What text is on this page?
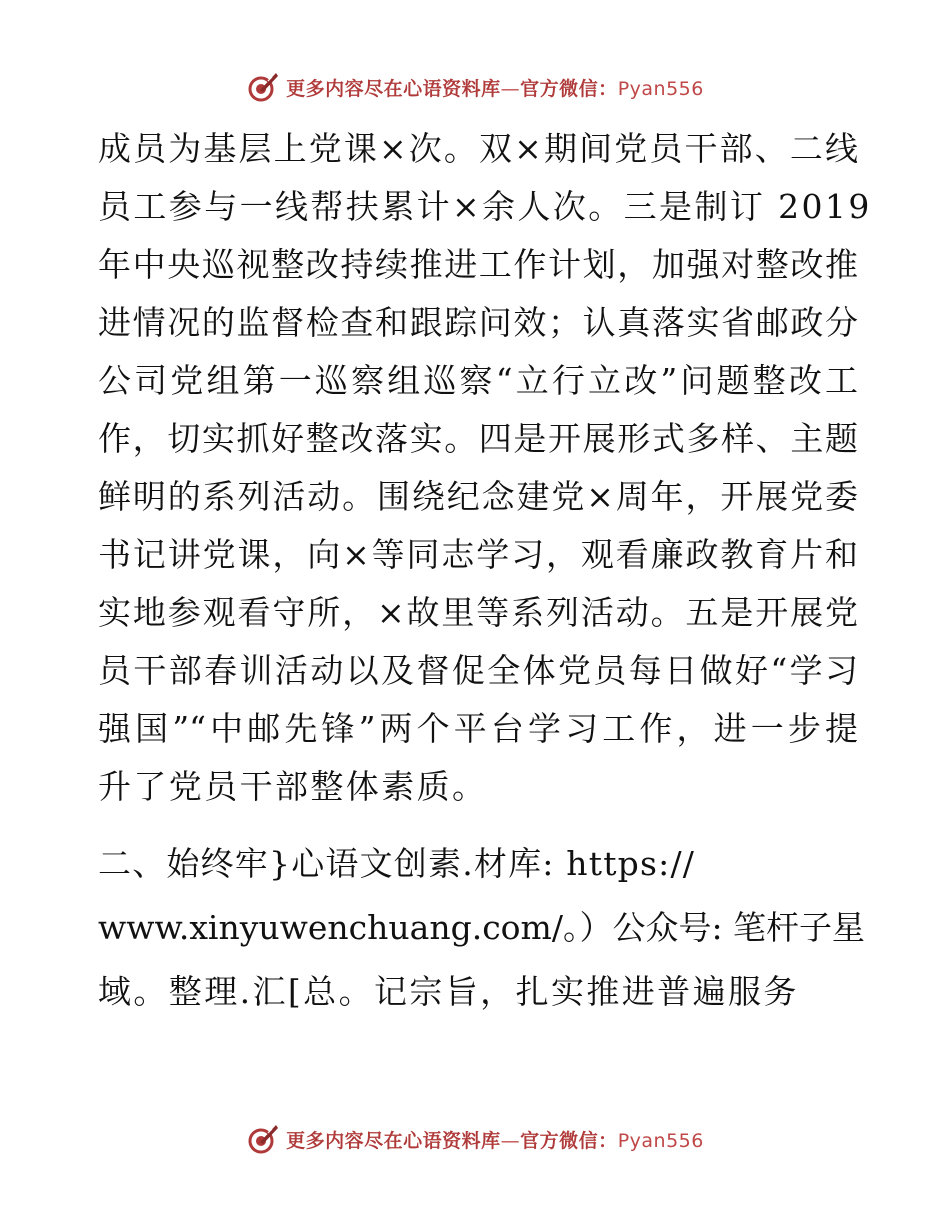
更多内容尽在心语资料库—官方微信：Pyan556
成员为基层上党课×次。双×期间党员干部、二线
员工参与一线帮扶累计×余人次。三是制订 2019
年中央巡视整改持续推进工作计划，加强对整改推
进情况的监督检查和跟踪问效；认真落实省邮政分
公司党组第一巡察组巡察“立行立改”问题整改工
作，切实抓好整改落实。四是开展形式多样、主题
鲜明的系列活动。围绕纪念建党×周年，开展党委
书记讲党课，向×等同志学习，观看廉政教育片和
实地参观看守所，×故里等系列活动。五是开展党
员干部春训活动以及督促全体党员每日做好“学习
强国”“中邮先锋”两个平台学习工作，进一步提
升了党员干部整体素质。
二、始终牢}心语文创素.材库: https://
www.xinyuwenchuang.com/。）公众号: 笔杆子星
域。整理.汇[总。记宗旨，扎实推进普遍服务
更多内容尽在心语资料库—官方微信：Pyan556
